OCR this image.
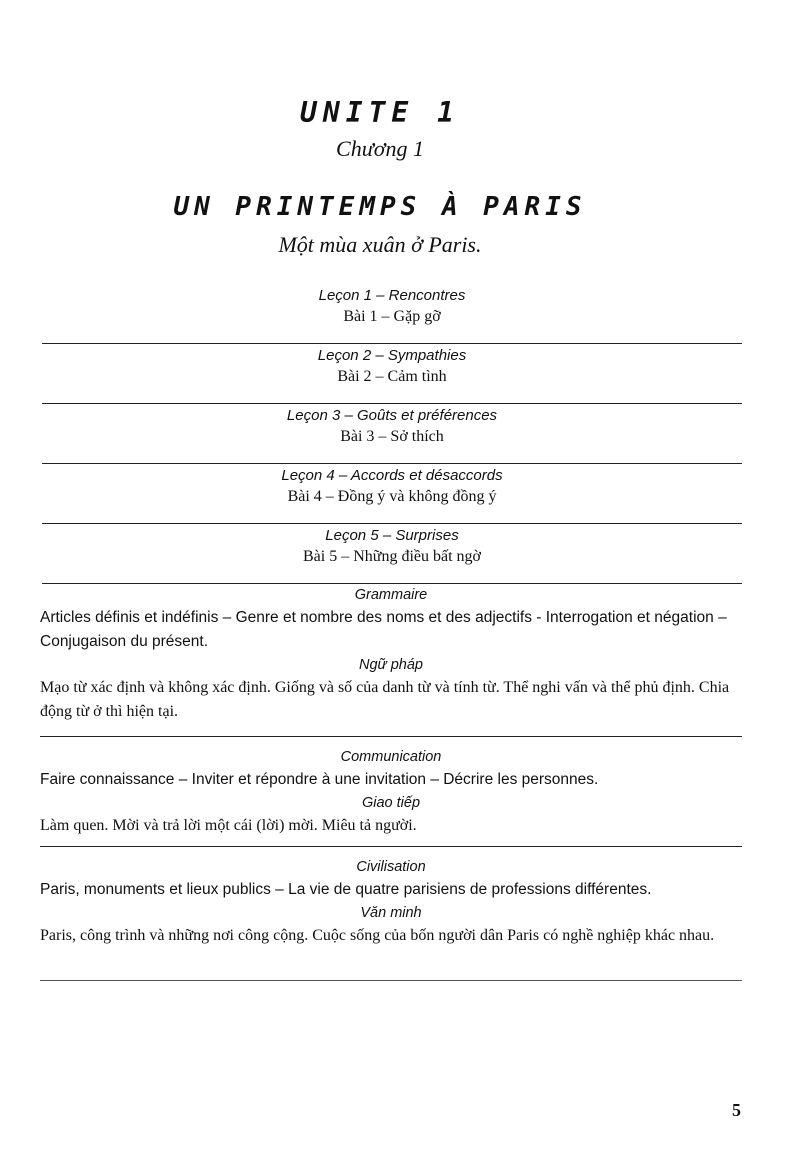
UNITE 1
Chương 1
UN PRINTEMPS À PARIS
Một mùa xuân ở Paris.
Leçon 1 – Rencontres
Bài 1 – Gặp gỡ
Leçon 2 – Sympathies
Bài 2 – Cảm tình
Leçon 3 – Goûts et préférences
Bài 3 – Sở thích
Leçon 4 – Accords et désaccords
Bài 4 – Đồng ý và không đồng ý
Leçon 5 – Surprises
Bài 5 – Những điều bất ngờ
Grammaire

Articles définis et indéfinis – Genre et nombre des noms et des adjectifs - Interrogation et négation – Conjugaison du présent.

Ngữ pháp

Mạo từ xác định và không xác định. Giống và số của danh từ và tính từ. Thể nghi vấn và thể phủ định. Chia động từ ở thì hiện tại.

Communication

Faire connaissance – Inviter et répondre à une invitation – Décrire les personnes.

Giao tiếp

Làm quen. Mời và trả lời một cái (lời) mời. Miêu tả người.

Civilisation

Paris, monuments et lieux publics – La vie de quatre parisiens de professions différentes.

Văn minh

Paris, công trình và những nơi công cộng. Cuộc sống của bốn người dân Paris có nghề nghiệp khác nhau.

5
